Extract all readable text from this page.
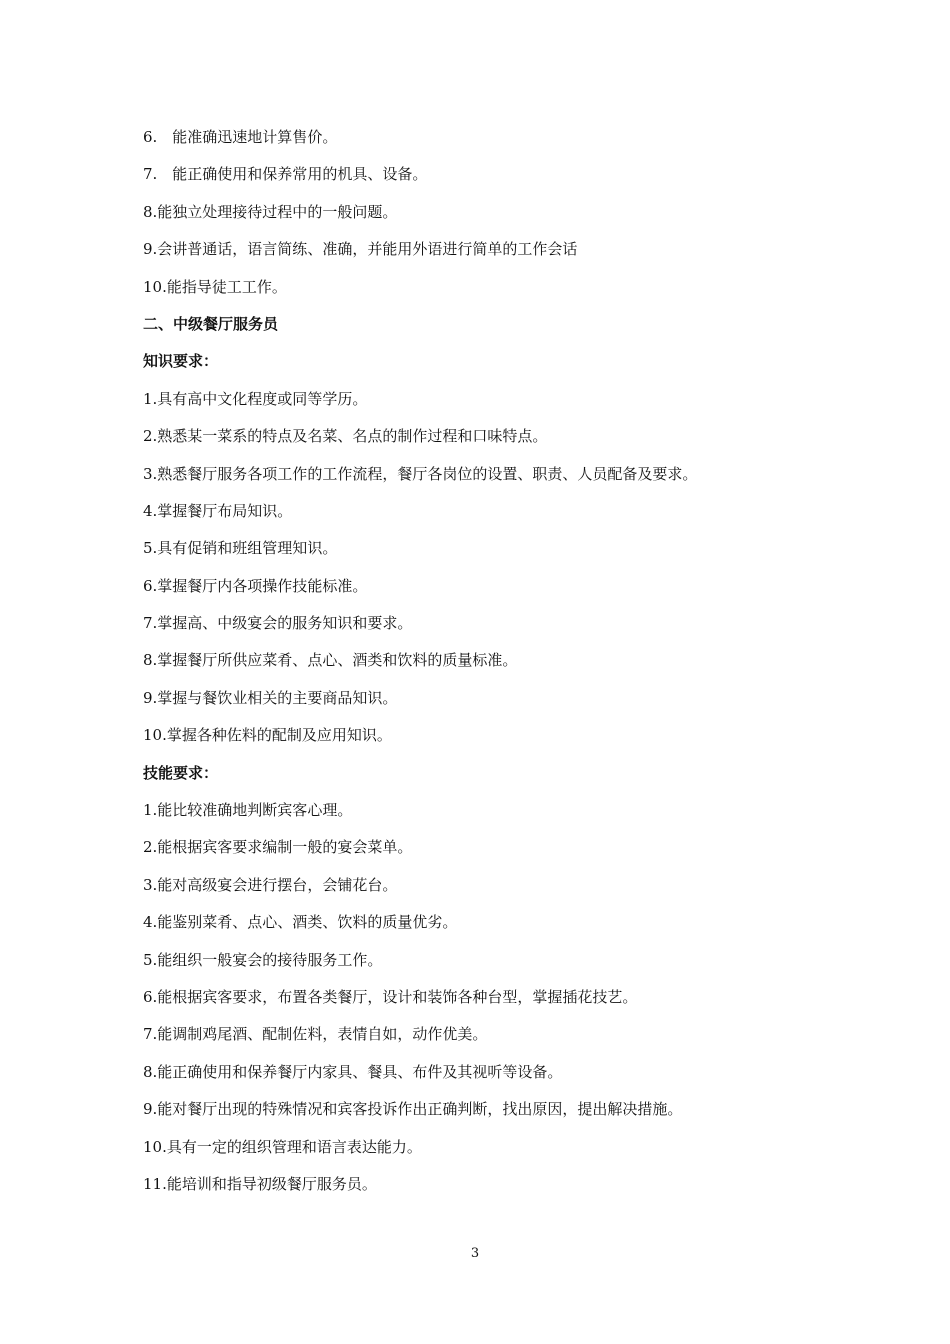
6.　能准确迅速地计算售价。
7.　能正确使用和保养常用的机具、设备。
8.能独立处理接待过程中的一般问题。
9.会讲普通话，语言简练、准确，并能用外语进行简单的工作会话
10.能指导徒工工作。
二、中级餐厅服务员
知识要求：
1.具有高中文化程度或同等学历。
2.熟悉某一菜系的特点及名菜、名点的制作过程和口味特点。
3.熟悉餐厅服务各项工作的工作流程，餐厅各岗位的设置、职责、人员配备及要求。
4.掌握餐厅布局知识。
5.具有促销和班组管理知识。
6.掌握餐厅内各项操作技能标准。
7.掌握高、中级宴会的服务知识和要求。
8.掌握餐厅所供应菜肴、点心、酒类和饮料的质量标准。
9.掌握与餐饮业相关的主要商品知识。
10.掌握各种佐料的配制及应用知识。
技能要求：
1.能比较准确地判断宾客心理。
2.能根据宾客要求编制一般的宴会菜单。
3.能对高级宴会进行摆台，会铺花台。
4.能鉴别菜肴、点心、酒类、饮料的质量优劣。
5.能组织一般宴会的接待服务工作。
6.能根据宾客要求，布置各类餐厅，设计和装饰各种台型，掌握插花技艺。
7.能调制鸡尾酒、配制佐料，表情自如，动作优美。
8.能正确使用和保养餐厅内家具、餐具、布件及其视听等设备。
9.能对餐厅出现的特殊情况和宾客投诉作出正确判断，找出原因，提出解决措施。
10.具有一定的组织管理和语言表达能力。
11.能培训和指导初级餐厅服务员。
3
